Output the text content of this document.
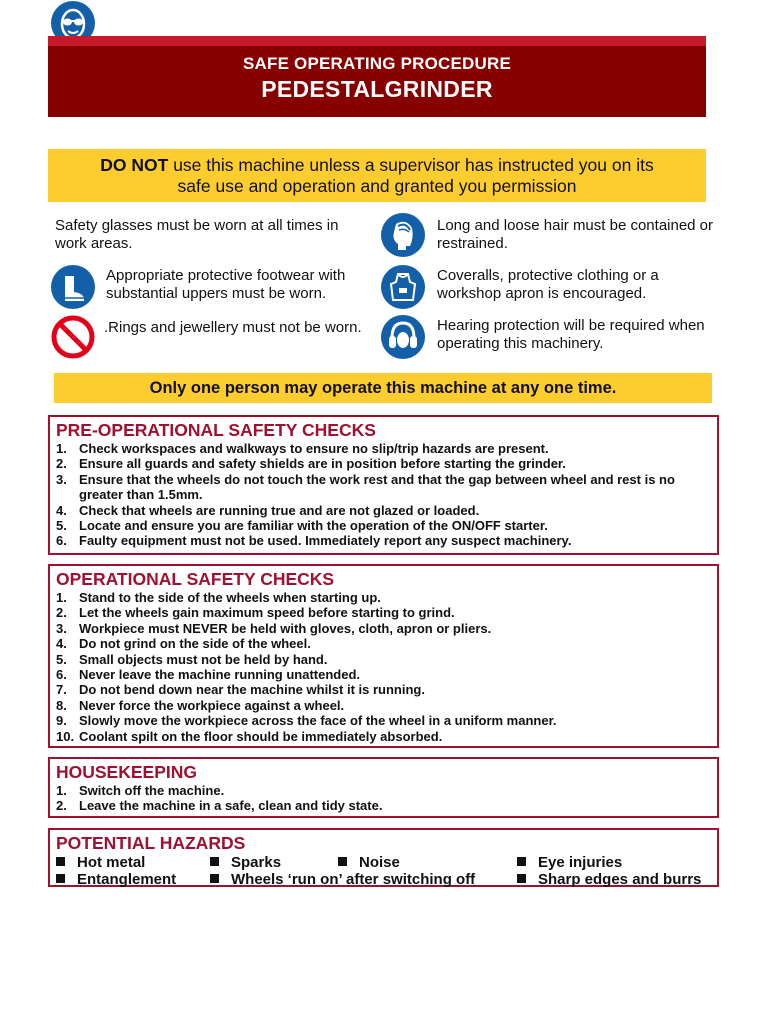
SAFE OPERATING PROCEDURE
PEDESTALGRINDER
DO NOT use this machine unless a supervisor has instructed you on its
safe use and operation and granted you permission
Safety glasses must be worn at all times in work areas.
Long and loose hair must be contained or restrained.
Appropriate protective footwear with substantial uppers must be worn.
Coveralls, protective clothing or a workshop apron is encouraged.
.Rings and jewellery must not be worn.	Hearing protection will be required when operating this machinery.
Only one person may operate this machine at any one time.
PRE-OPERATIONAL SAFETY CHECKS
1. Check workspaces and walkways to ensure no slip/trip hazards are present.
2. Ensure all guards and safety shields are in position before starting the grinder.
3. Ensure that the wheels do not touch the work rest and that the gap between wheel and rest is no greater than 1.5mm.
4. Check that wheels are running true and are not glazed or loaded.
5. Locate and ensure you are familiar with the operation of the ON/OFF starter.
6. Faulty equipment must not be used. Immediately report any suspect machinery.
OPERATIONAL SAFETY CHECKS
1. Stand to the side of the wheels when starting up.
2. Let the wheels gain maximum speed before starting to grind.
3. Workpiece must NEVER be held with gloves, cloth, apron or pliers.
4. Do not grind on the side of the wheel.
5. Small objects must not be held by hand.
6. Never leave the machine running unattended.
7. Do not bend down near the machine whilst it is running.
8. Never force the workpiece against a wheel.
9. Slowly move the workpiece across the face of the wheel in a uniform manner.
10. Coolant spilt on the floor should be immediately absorbed.
HOUSEKEEPING
1. Switch off the machine.
2. Leave the machine in a safe, clean and tidy state.
POTENTIAL HAZARDS
Hot metal	Sparks	Noise	Eye injuries
Entanglement	Wheels ‘run on’ after switching off	Sharp edges and burrs
